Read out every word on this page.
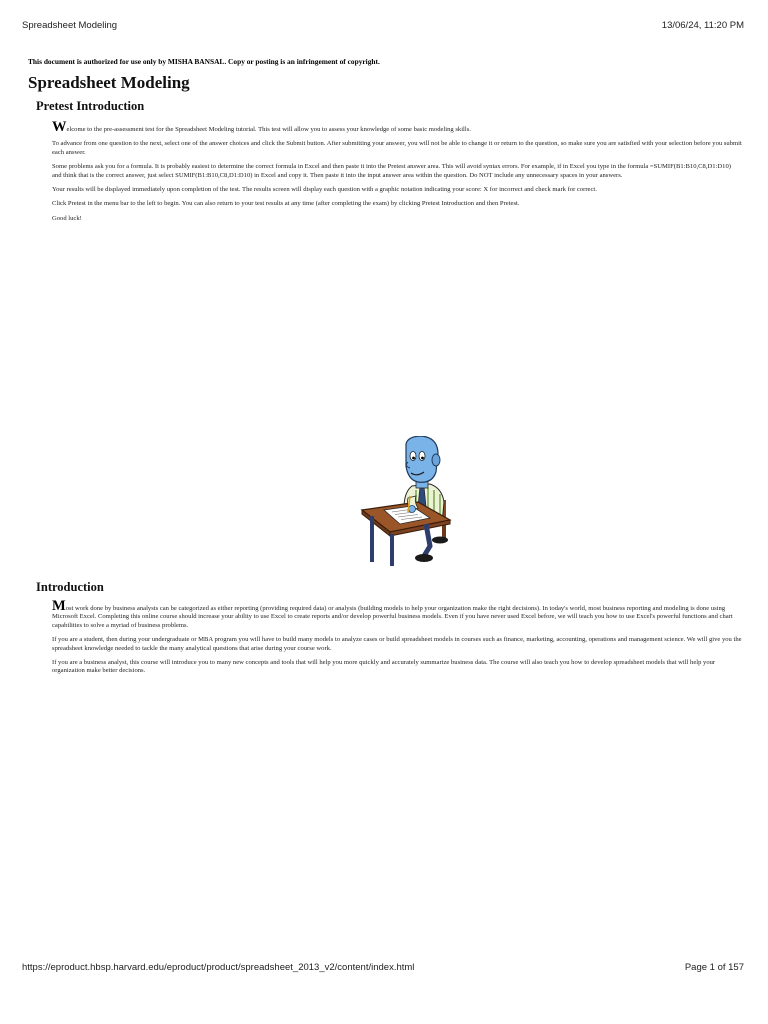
Spreadsheet Modeling	13/06/24, 11:20 PM
This document is authorized for use only by MISHA BANSAL. Copy or posting is an infringement of copyright.
Spreadsheet Modeling
Pretest Introduction

Welcome to the pre-assessment test for the Spreadsheet Modeling tutorial. This test will allow you to assess your knowledge of some basic modeling skills.

To advance from one question to the next, select one of the answer choices and click the Submit button. After submitting your answer, you will not be able to change it or return to the question, so make sure you are satisfied with your selection before you submit each answer.

Some problems ask you for a formula. It is probably easiest to determine the correct formula in Excel and then paste it into the Pretest answer area. This will avoid syntax errors. For example, if in Excel you type in the formula =SUMIF(B1:B10,C8,D1:D10) and think that is the correct answer, just select SUMIF(B1:B10,C8,D1:D10) in Excel and copy it. Then paste it into the input answer area within the question. Do NOT include any unnecessary spaces in your answers.

Your results will be displayed immediately upon completion of the test. The results screen will display each question with a graphic notation indicating your score: X for incorrect and check mark for correct.

Click Pretest in the menu bar to the left to begin. You can also return to your test results at any time (after completing the exam) by clicking Pretest Introduction and then Pretest.

Good luck!

Introduction

Most work done by business analysts can be categorized as either reporting (providing required data) or analysis (building models to help your organization make the right decisions). In today's world, most business reporting and modeling is done using Microsoft Excel. Completing this online course should increase your ability to use Excel to create reports and/or develop powerful business models. Even if you have never used Excel before, we will teach you how to use Excel's powerful functions and chart capabilities to solve a myriad of business problems.

If you are a student, then during your undergraduate or MBA program you will have to build many models to analyze cases or build spreadsheet models in courses such as finance, marketing, accounting, operations and management science. We will give you the spreadsheet knowledge needed to tackle the many analytical questions that arise during your course work.

If you are a business analyst, this course will introduce you to many new concepts and tools that will help you more quickly and accurately summarize business data. The course will also teach you how to develop spreadsheet models that will help your organization make better decisions.

https://eproduct.hbsp.harvard.edu/eproduct/product/spreadsheet_2013_v2/content/index.html	Page 1 of 157
